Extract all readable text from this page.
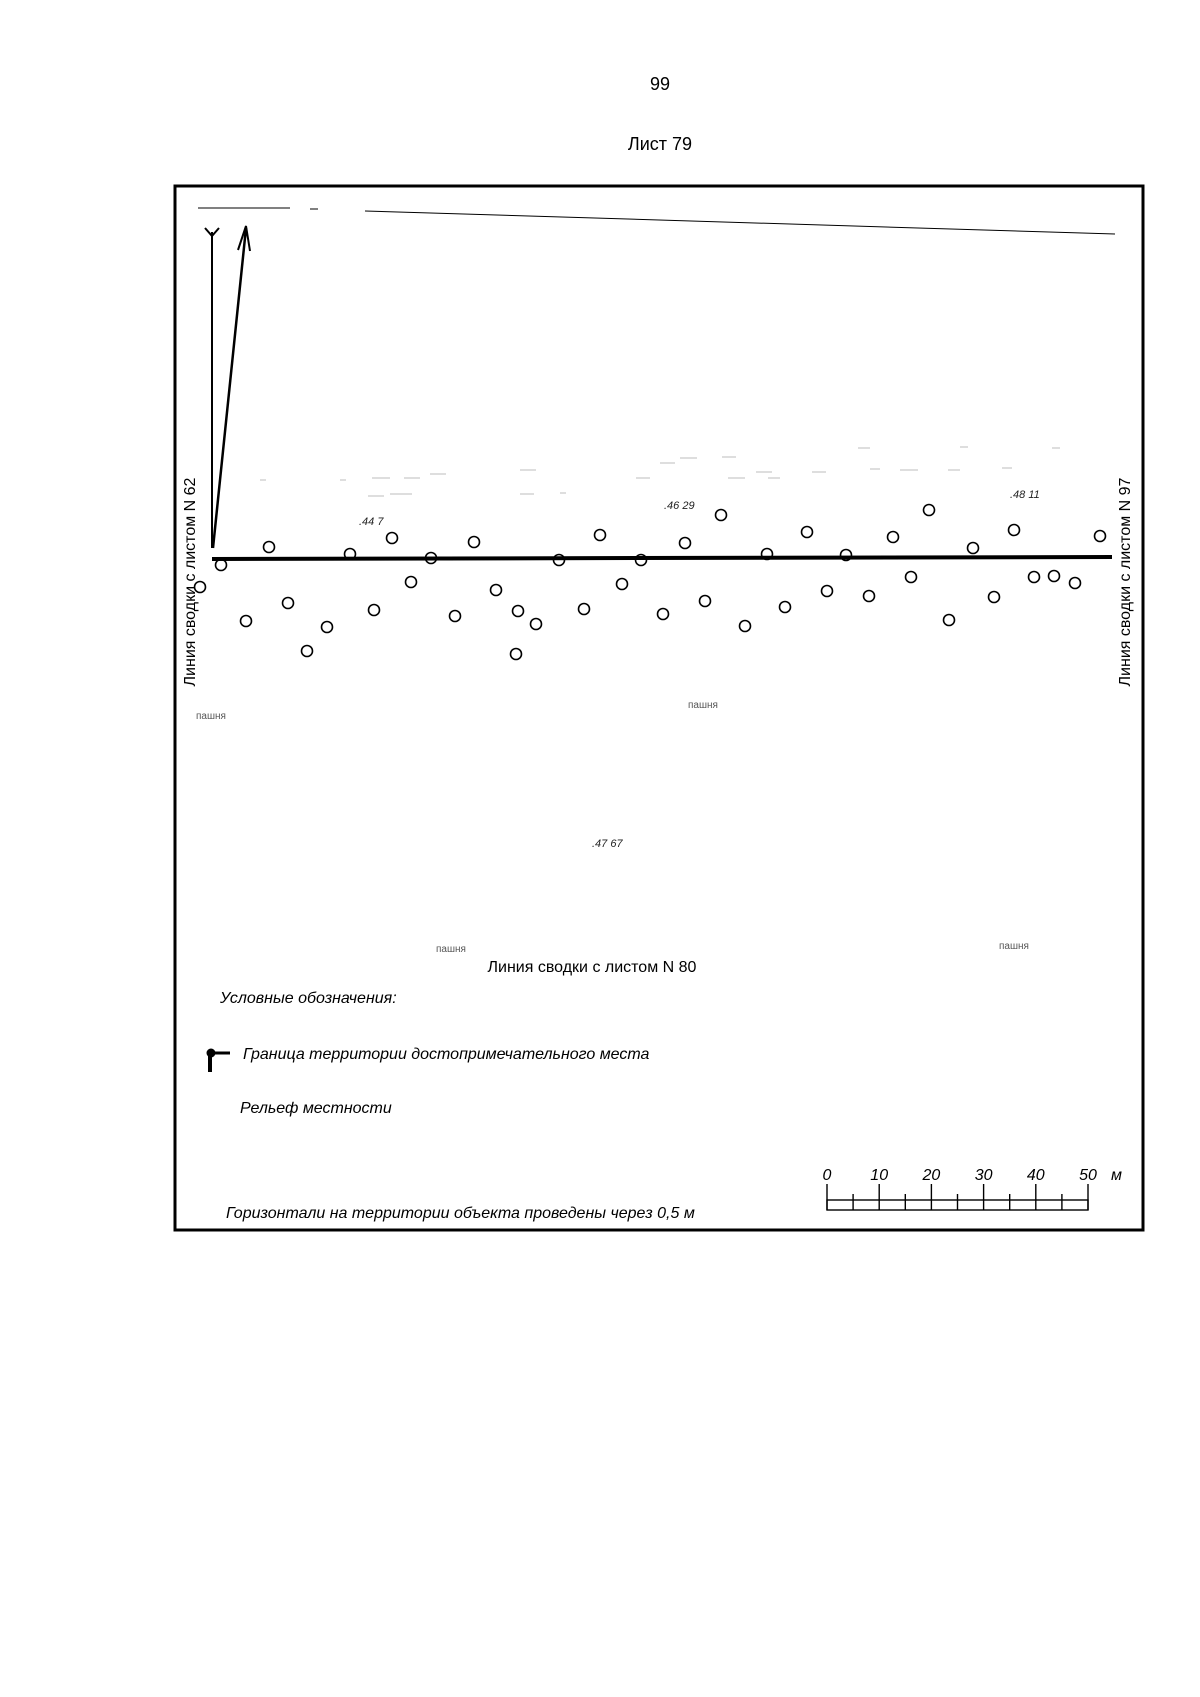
99
Лист 79
.44 7
.46 29
.48 11
.47 67
пашня
пашня
пашня	пашня
Линия сводки с листом N 62	Линия сводки с листом N 97
Линия сводки с листом N 80
Условные обозначения:
Граница территории достопримечательного места
Рельеф местности
Горизонтали на территории объекта проведены через 0,5 м
0 10 20 30 40 50 м
